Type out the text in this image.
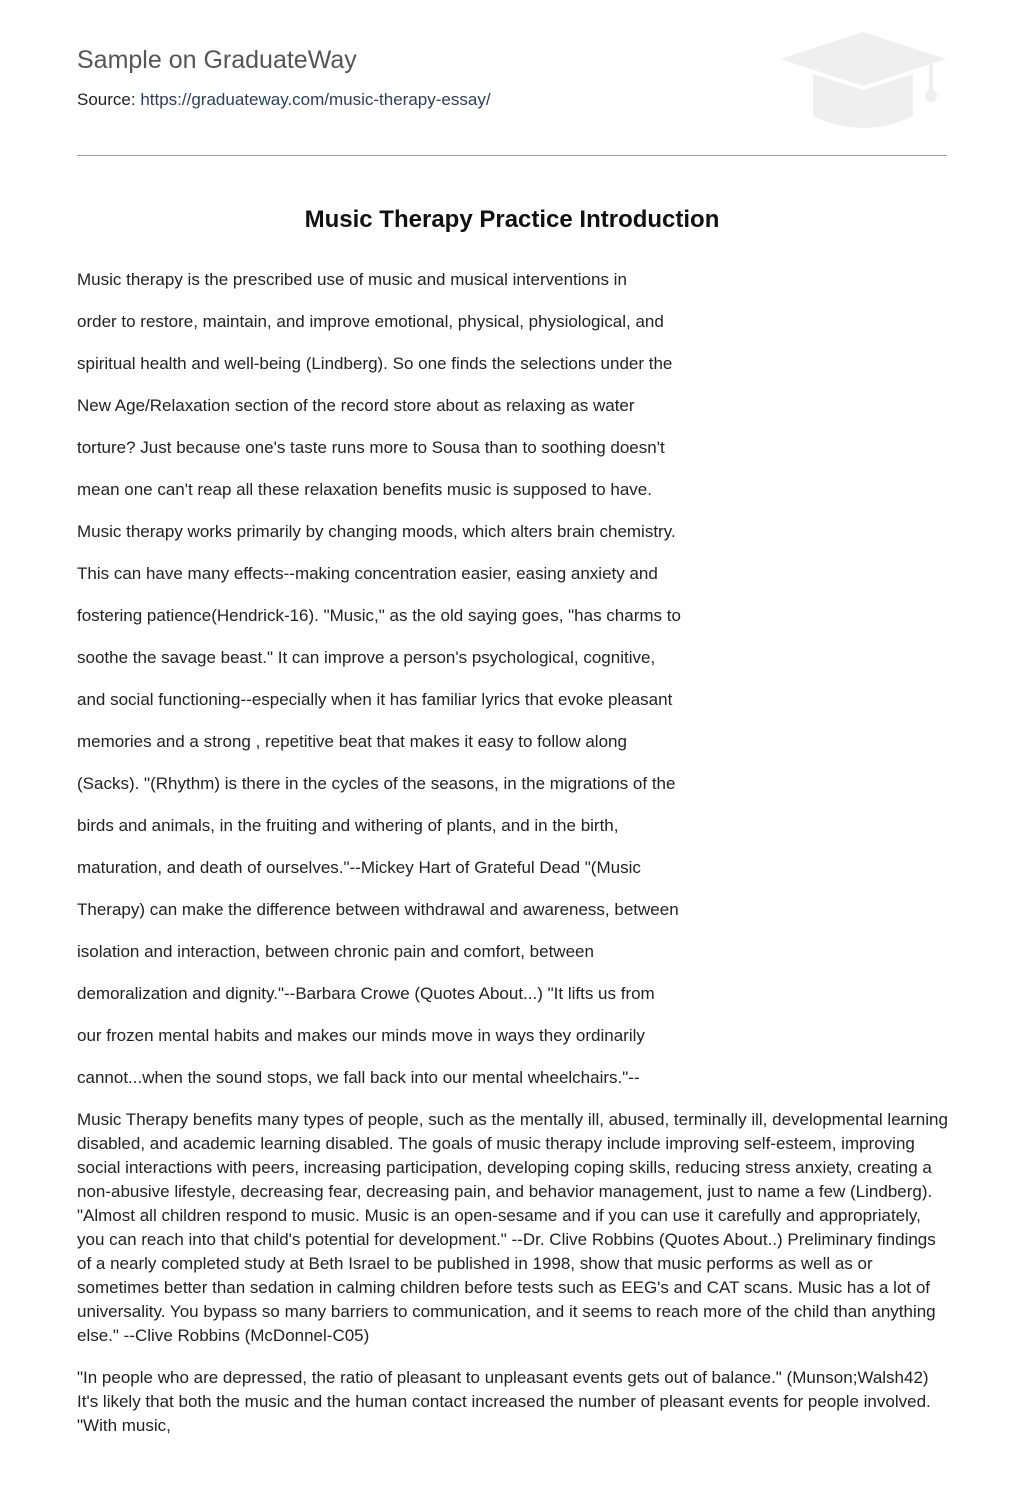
Sample on GraduateWay
Source: https://graduateway.com/music-therapy-essay/
Music Therapy Practice Introduction
Music therapy is the prescribed use of music and musical interventions in
order to restore, maintain, and improve emotional, physical, physiological, and
spiritual health and well-being (Lindberg). So one finds the selections under the
New Age/Relaxation section of the record store about as relaxing as water
torture? Just because one's taste runs more to Sousa than to soothing doesn't
mean one can't reap all these relaxation benefits music is supposed to have.
Music therapy works primarily by changing moods, which alters brain chemistry.
This can have many effects--making concentration easier, easing anxiety and
fostering patience(Hendrick-16). "Music," as the old saying goes, "has charms to
soothe the savage beast." It can improve a person's psychological, cognitive,
and social functioning--especially when it has familiar lyrics that evoke pleasant
memories and a strong , repetitive beat that makes it easy to follow along
(Sacks). "(Rhythm) is there in the cycles of the seasons, in the migrations of the
birds and animals, in the fruiting and withering of plants, and in the birth,
maturation, and death of ourselves."--Mickey Hart of Grateful Dead "(Music
Therapy) can make the difference between withdrawal and awareness, between
isolation and interaction, between chronic pain and comfort, between
demoralization and dignity."--Barbara Crowe (Quotes About...) "It lifts us from
our frozen mental habits and makes our minds move in ways they ordinarily
cannot...when the sound stops, we fall back into our mental wheelchairs."--

Music Therapy benefits many types of people, such as the mentally ill, abused, terminally ill, developmental learning disabled, and academic learning disabled. The goals of music therapy include improving self-esteem, improving social interactions with peers, increasing participation, developing coping skills, reducing stress anxiety, creating a non-abusive lifestyle, decreasing fear, decreasing pain, and behavior management, just to name a few (Lindberg). "Almost all children respond to music. Music is an open-sesame and if you can use it carefully and appropriately, you can reach into that child's potential for development." --Dr. Clive Robbins (Quotes About..) Preliminary findings of a nearly completed study at Beth Israel to be published in 1998, show that music performs as well as or sometimes better than sedation in calming children before tests such as EEG's and CAT scans. Music has a lot of universality. You bypass so many barriers to communication, and it seems to reach more of the child than anything else." --Clive Robbins (McDonnel-C05)

"In people who are depressed, the ratio of pleasant to unpleasant events gets out of balance." (Munson;Walsh42) It's likely that both the music and the human contact increased the number of pleasant events for people involved. "With music,
